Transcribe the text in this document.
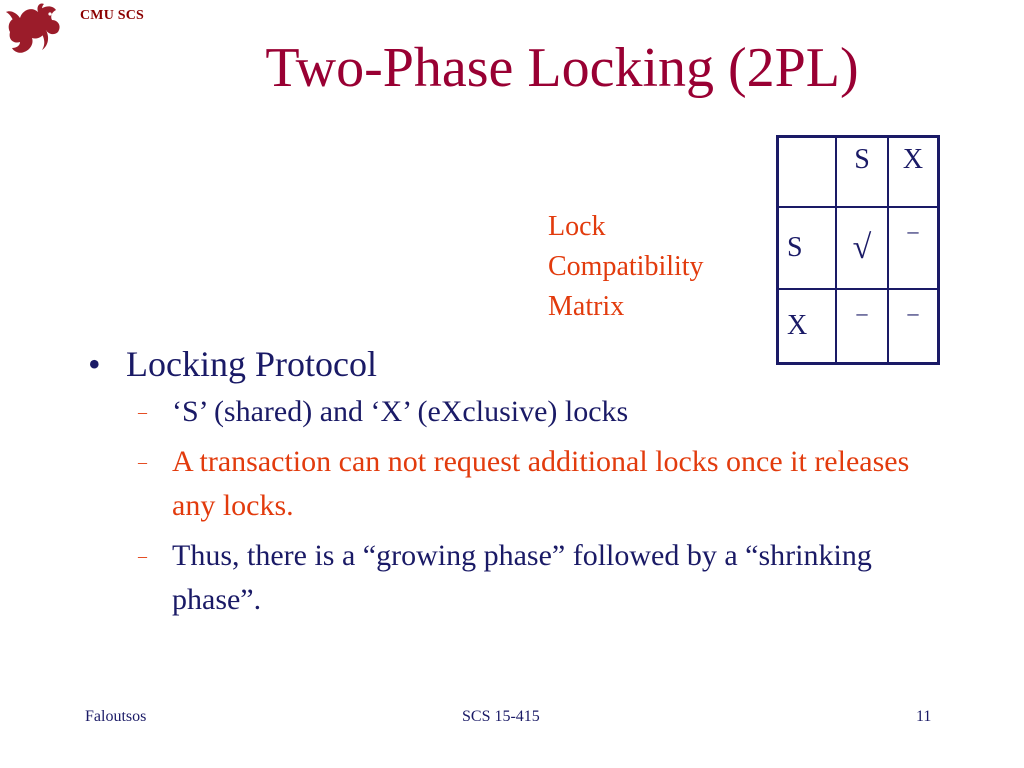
CMU SCS
Two-Phase Locking (2PL)
Lock
Compatibility
Matrix
	S	X
S	√	–
X	–	–
• Locking Protocol
– ‘S’ (shared) and ‘X’ (eXclusive) locks
– A transaction can not request additional locks once it releases any locks.
– Thus, there is a “growing phase” followed by a “shrinking phase”.
Faloutsos	SCS 15-415	11
